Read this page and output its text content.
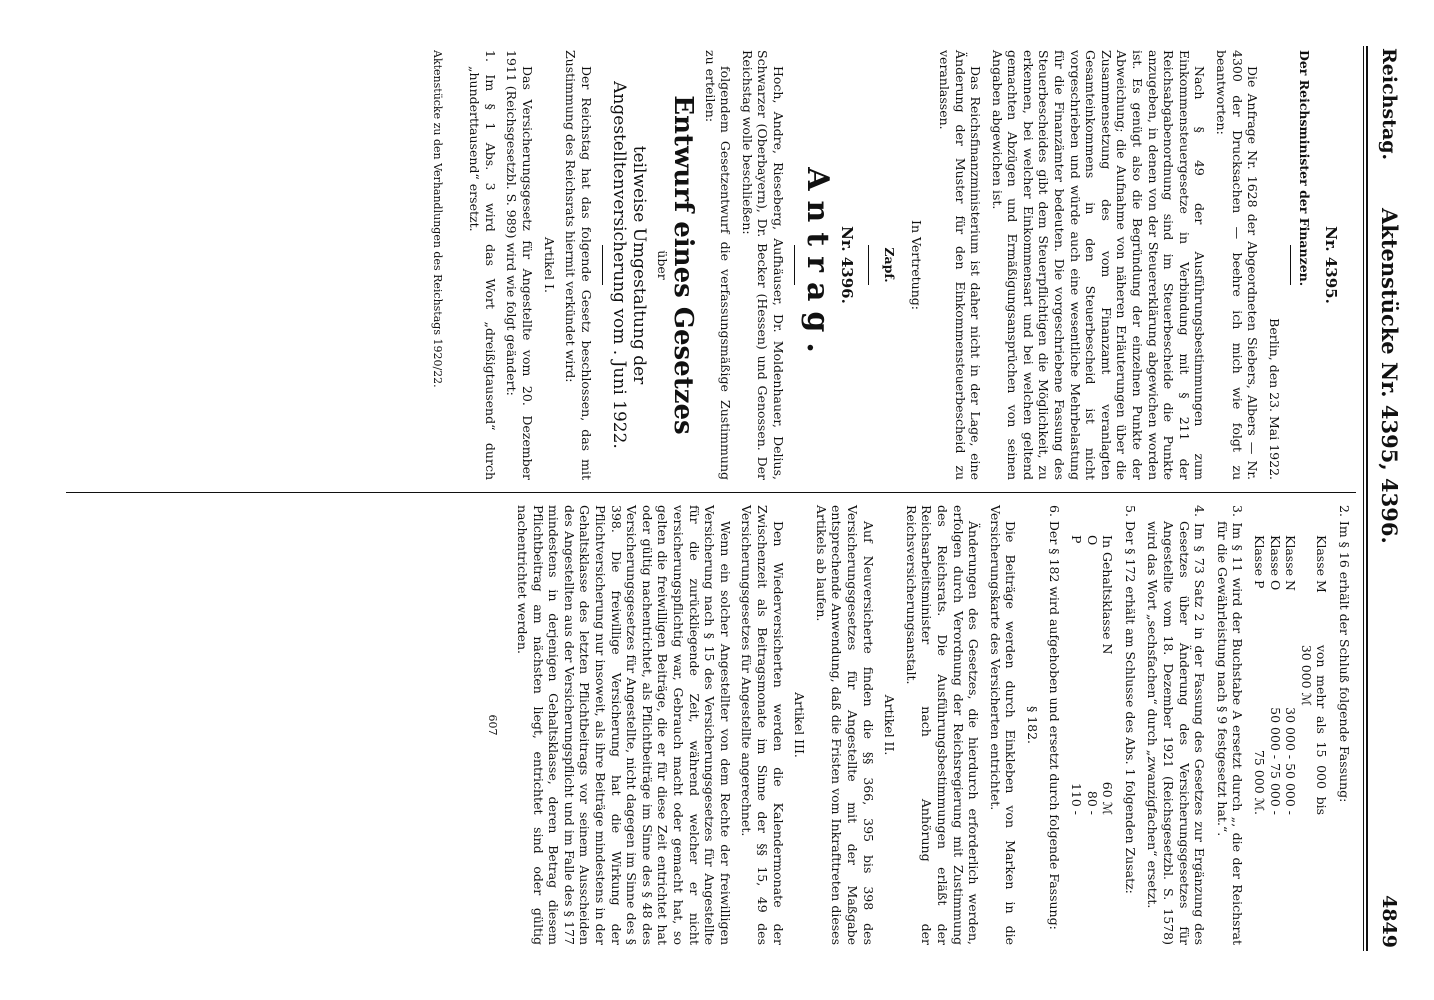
Reichstag.
Aktenstücke Nr. 4395, 4396.
4849

Nr. 4395.

Der Reichsminister der Finanzen.

Berlin, den 23. Mai 1922.

Die Anfrage Nr. 1628 der Abgeordneten Siebers, Albers — Nr. 4300 der Drucksachen — beehre ich mich wie folgt zu beantworten:

Nach § 49 der Ausführungsbestimmungen zum Einkommensteuergesetze in Verbindung mit § 211 der Reichsabgabenordnung sind im Steuerbescheide die Punkte anzugeben, in denen von der Steuererklärung abgewichen worden ist. Es genügt also die Begründung der einzelnen Punkte der Abweichung; die Aufnahme von näheren Erläuterungen über die Zusammensetzung des vom Finanzamt veranlagten Gesamteinkommens in den Steuerbescheid ist nicht vorgeschrieben und würde auch eine wesentliche Mehrbelastung für die Finanzämter bedeuten. Die vorgeschriebene Fassung des Steuerbescheides gibt dem Steuerpflichtigen die Möglichkeit, zu erkennen, bei welcher Einkommensart und bei welchen geltend gemachten Abzügen und Ermäßigungsansprüchen von seinen Angaben abgewichen ist.

Das Reichsfinanzministerium ist daher nicht in der Lage, eine Änderung der Muster für den Einkommensteuerbescheid zu veranlassen.

In Vertretung:

Zapf.

Nr. 4396.

Antrag.

Hoch, Andre, Rieseberg, Aufhäuser, Dr. Moldenhauer, Delius, Schwarzer (Oberbayern), Dr. Becker (Hessen) und Genossen. Der Reichstag wolle beschließen:

folgendem Gesetzentwurf die verfassungsmäßige Zustimmung zu erteilen:

Entwurf eines Gesetzes

über

teilweise Umgestaltung der Angestelltenversicherung vom . Juni 1922.

Der Reichstag hat das folgende Gesetz beschlossen, das mit Zustimmung des Reichsrats hiermit verkündet wird:

Artikel I.

Das Versicherungsgesetz für Angestellte vom 20. Dezember 1911 (Reichsgesetzbl. S. 989) wird wie folgt geändert:

1. Im § 1 Abs. 3 wird das Wort „dreißigtausend“ durch „hunderttausend“ ersetzt.

Aktenstücke zu den Verhandlungen des Reichstags 1920/22.

2. Im § 16 erhält der Schluß folgende Fassung:

Klasse M
von mehr als 15 000 bis 30 000 ℳ
Klasse N
30 000 - 50 000 -
Klasse O
50 000 - 75 000 -
Klasse P
75 000 ℳ.

3. Im § 11 wird der Buchstabe A ersetzt durch „, die der Reichsrat für die Gewährleistung nach § 9 festgesetzt hat.“.

4. Im § 73 Satz 2 in der Fassung des Gesetzes zur Ergänzung des Gesetzes über Änderung des Versicherungsgesetzes für Angestellte vom 18. Dezember 1921 (Reichsgesetzbl. S. 1578) wird das Wort „sechsfachen“ durch „zwanzigfachen“ ersetzt.

5. Der § 172 erhält am Schlusse des Abs. 1 folgenden Zusatz:

In Gehaltsklasse N
60 ℳ
O
80 -
P
110 -

6. Der § 182 wird aufgehoben und ersetzt durch folgende Fassung:

§ 182.

Die Beiträge werden durch Einkleben von Marken in die Versicherungskarte des Versicherten entrichtet.

Änderungen des Gesetzes, die hierdurch erforderlich werden, erfolgen durch Verordnung der Reichsregierung mit Zustimmung des Reichsrats. Die Ausführungsbestimmungen erläßt der Reichsarbeitsminister nach Anhörung der Reichsversicherungsanstalt.

Artikel II.

Auf Neuversicherte finden die §§ 366, 395 bis 398 des Versicherungsgesetzes für Angestellte mit der Maßgabe entsprechende Anwendung, daß die Fristen vom Inkrafttreten dieses Artikels ab laufen.

Artikel III.

Den Wiederversicherten werden die Kalendermonate der Zwischenzeit als Beitragsmonate im Sinne der §§ 15, 49 des Versicherungsgesetzes für Angestellte angerechnet.

Wenn ein solcher Angestellter von dem Rechte der freiwilligen Versicherung nach § 15 des Versicherungsgesetzes für Angestellte für die zurückliegende Zeit, während welcher er nicht versicherungspflichtig war, Gebrauch macht oder gemacht hat, so gelten die freiwilligen Beiträge, die er für diese Zeit entrichtet hat oder gültig nachentrichtet, als Pflichtbeiträge im Sinne des § 48 des Versicherungsgesetzes für Angestellte, nicht dagegen im Sinne des § 398. Die freiwillige Versicherung hat die Wirkung der Pflichtversicherung nur insoweit, als ihre Beiträge mindestens in der Gehaltsklasse des letzten Pflichtbeitrags vor seinem Ausscheiden des Angestellten aus der Versicherungspflicht und im Falle des § 177 mindestens in derjenigen Gehaltsklasse, deren Betrag diesem Pflichtbeitrag am nächsten liegt, entrichtet sind oder gültig nachentrichtet werden.

607
